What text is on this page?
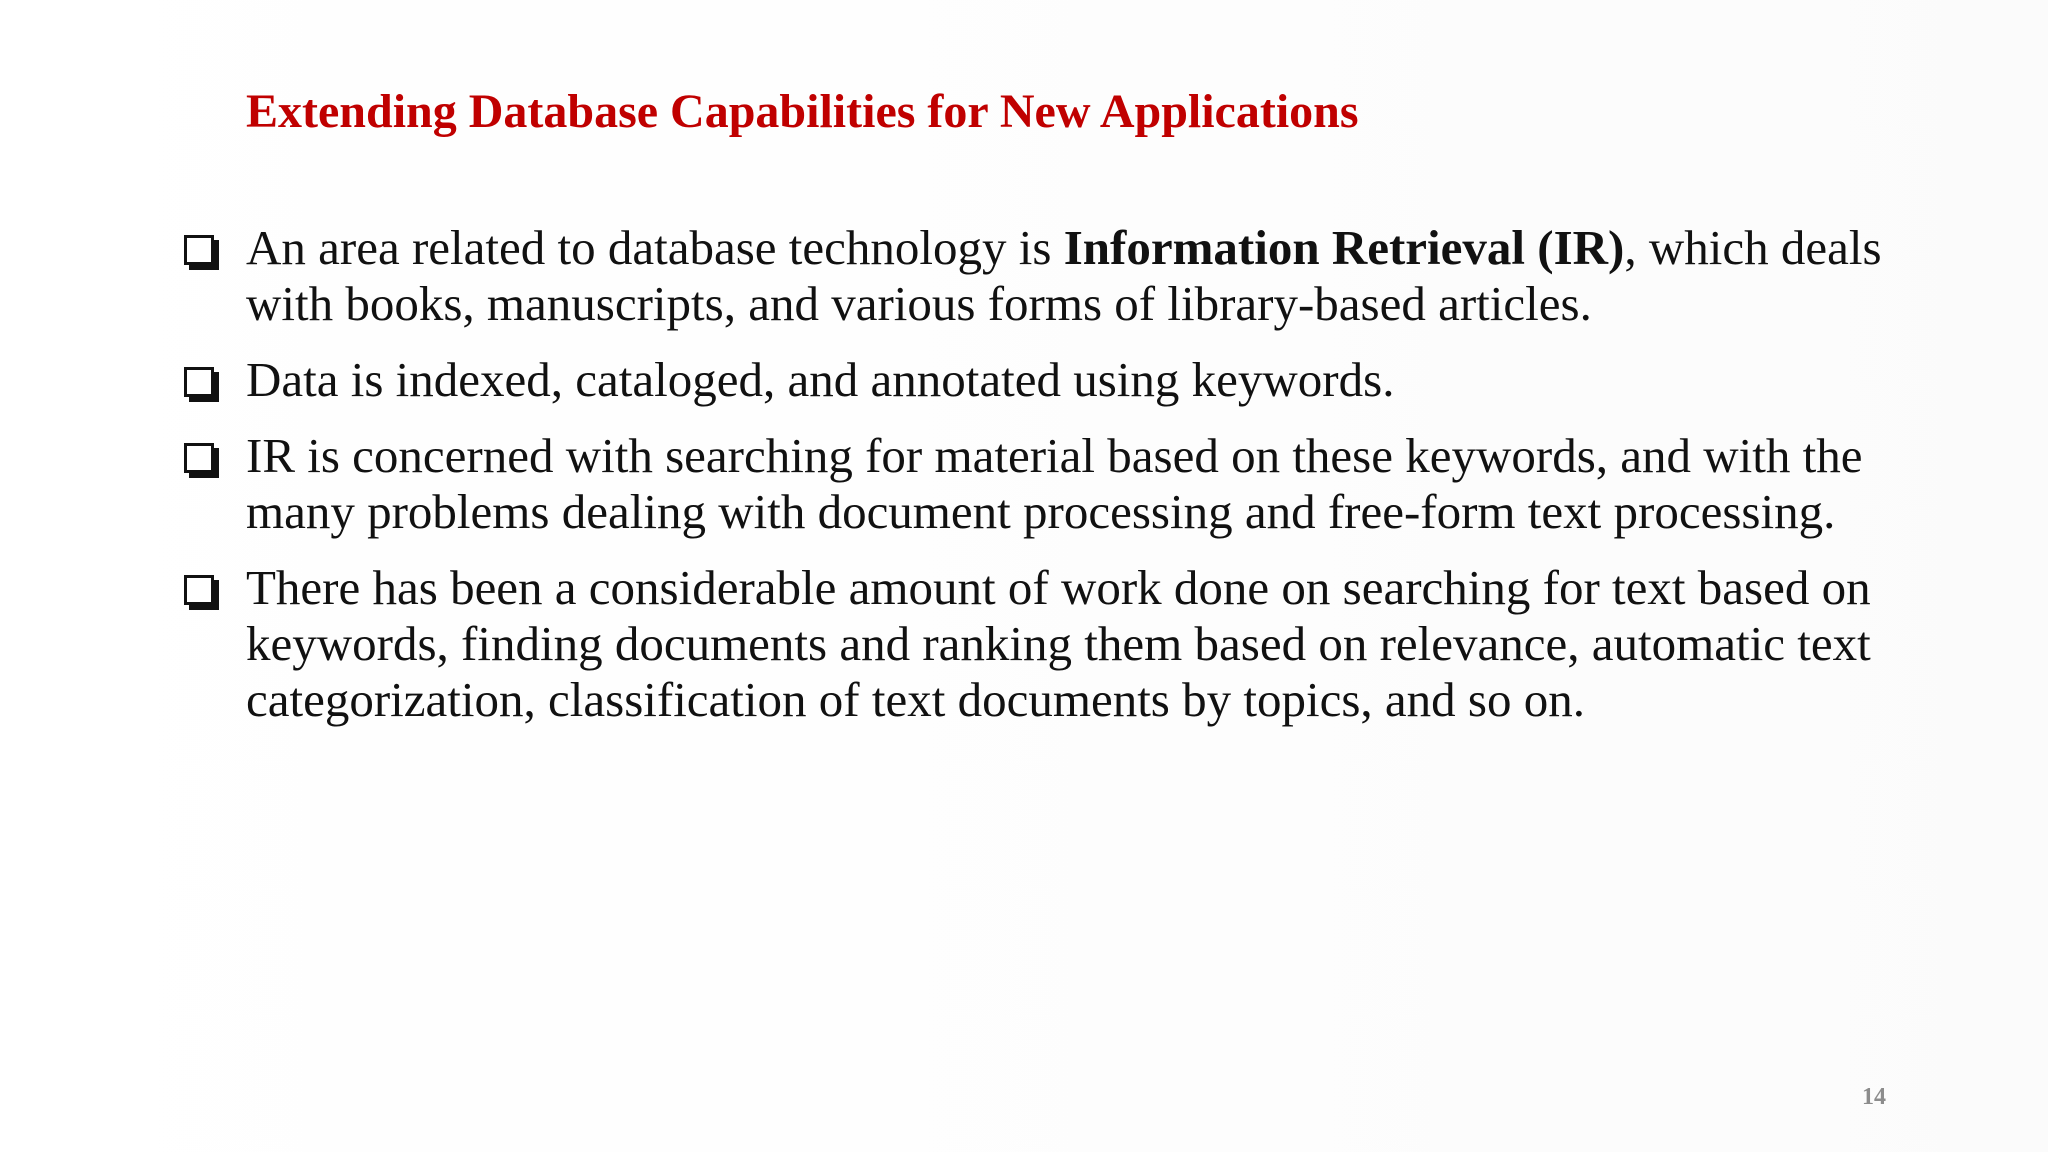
Extending Database Capabilities for New Applications
An area related to database technology is Information Retrieval (IR), which deals with books, manuscripts, and various forms of library-based articles.
Data is indexed, cataloged, and annotated using keywords.
IR is concerned with searching for material based on these keywords, and with the many problems dealing with document processing and free-form text processing.
There has been a considerable amount of work done on searching for text based on keywords, finding documents and ranking them based on relevance, automatic text categorization, classification of text documents by topics, and so on.
14
